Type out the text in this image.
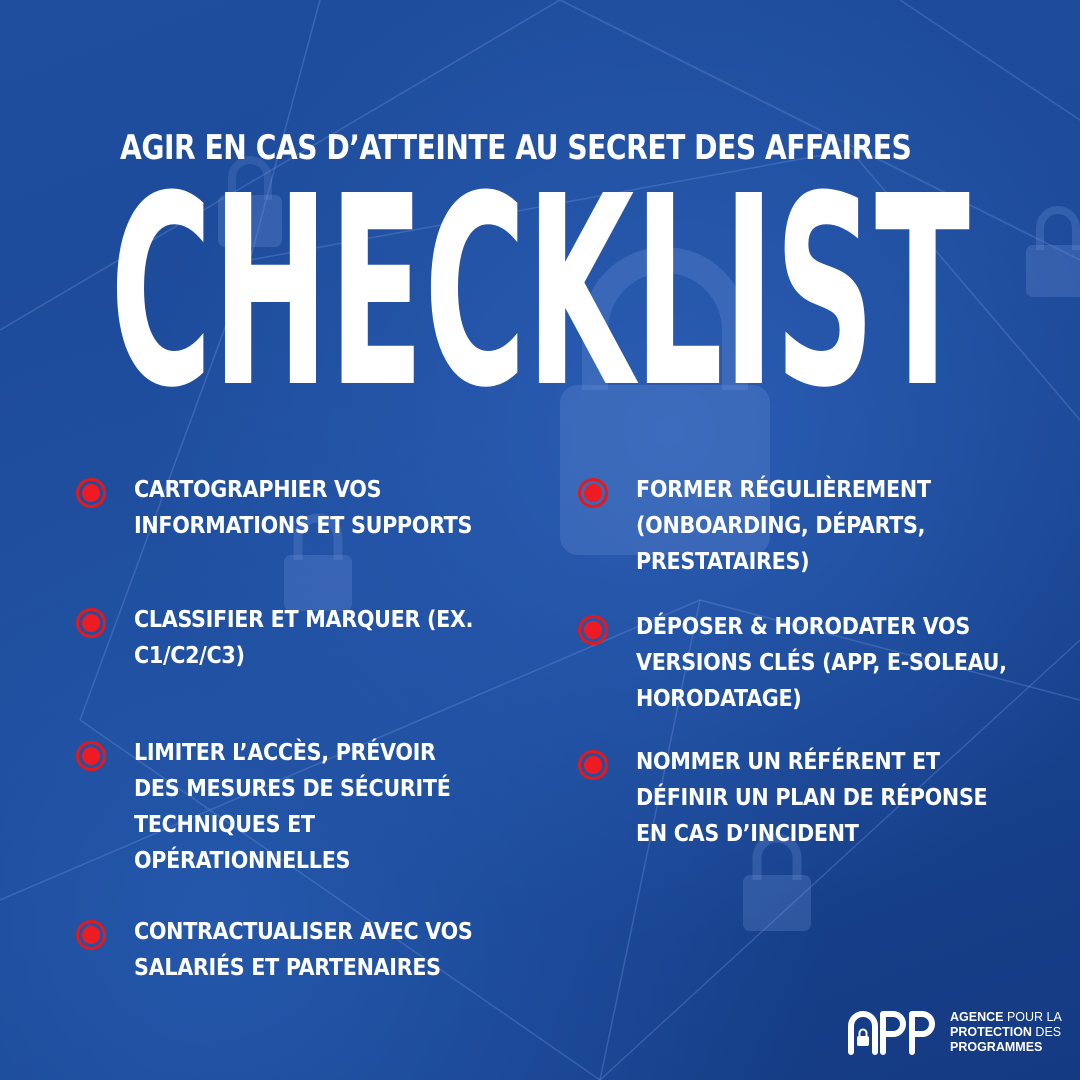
AGIR EN CAS D’ATTEINTE AU SECRET DES AFFAIRES
CHECKLIST
CARTOGRAPHIER VOS
INFORMATIONS ET SUPPORTS
CLASSIFIER ET MARQUER (EX.
C1/C2/C3)
LIMITER L’ACCÈS, PRÉVOIR
DES MESURES DE SÉCURITÉ
TECHNIQUES ET
OPÉRATIONNELLES
CONTRACTUALISER AVEC VOS
SALARIÉS ET PARTENAIRES
FORMER RÉGULIÈREMENT
(ONBOARDING, DÉPARTS,
PRESTATAIRES)
DÉPOSER & HORODATER VOS
VERSIONS CLÉS (APP, E-SOLEAU,
HORODATAGE)
NOMMER UN RÉFÉRENT ET
DÉFINIR UN PLAN DE RÉPONSE
EN CAS D’INCIDENT
AGENCE POUR LA
PROTECTION DES
PROGRAMMES
